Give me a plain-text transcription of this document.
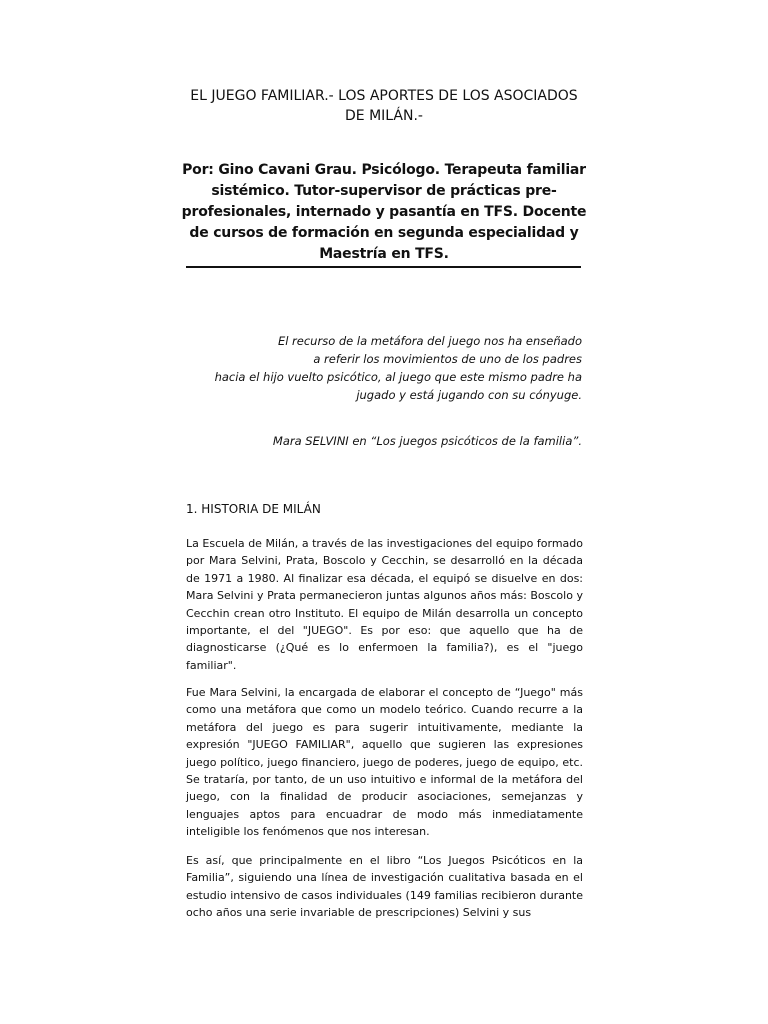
EL JUEGO FAMILIAR.- LOS APORTES DE LOS ASOCIADOS DE MILÁN.-
Por: Gino Cavani Grau. Psicólogo. Terapeuta familiar sistémico. Tutor-supervisor de prácticas pre-profesionales, internado y pasantía en TFS. Docente de cursos de formación en segunda especialidad y Maestría en TFS.

El recurso de la metáfora del juego nos ha enseñado

a referir los movimientos de uno de los padres

hacia el hijo vuelto psicótico, al juego que este mismo padre ha

jugado y está jugando con su cónyuge.

Mara SELVINI en “Los juegos psicóticos de la familia”.
1. HISTORIA DE MILÁN

La Escuela de Milán, a través de las investigaciones del equipo formado por Mara Selvini, Prata, Boscolo y Cecchin, se desarrolló en la década de 1971 a 1980. Al finalizar esa década, el equipó se disuelve en dos: Mara Selvini y Prata permanecieron juntas algunos años más: Boscolo y Cecchin crean otro Instituto. El equipo de Milán desarrolla un concepto importante, el del "JUEGO". Es por eso: que aquello que ha de diagnosticarse (¿Qué es lo enfermoen la familia?), es el "juego familiar".

Fue Mara Selvini, la encargada de elaborar el concepto de “Juego" más como una metáfora que como un modelo teórico. Cuando recurre a la metáfora del juego es para sugerir intuitivamente, mediante la expresión "JUEGO FAMILIAR", aquello que sugieren las expresiones juego político, juego financiero, juego de poderes, juego de equipo, etc. Se trataría, por tanto, de un uso intuitivo e informal de la metáfora del juego, con la finalidad de producir asociaciones, semejanzas y lenguajes aptos para encuadrar de modo más inmediatamente inteligible los fenómenos que nos interesan.

Es así, que principalmente en el libro “Los Juegos Psicóticos en la Familia”, siguiendo una línea de investigación cualitativa basada en el estudio intensivo de casos individuales (149 familias recibieron durante ocho años una serie invariable de prescripciones) Selvini y sus
